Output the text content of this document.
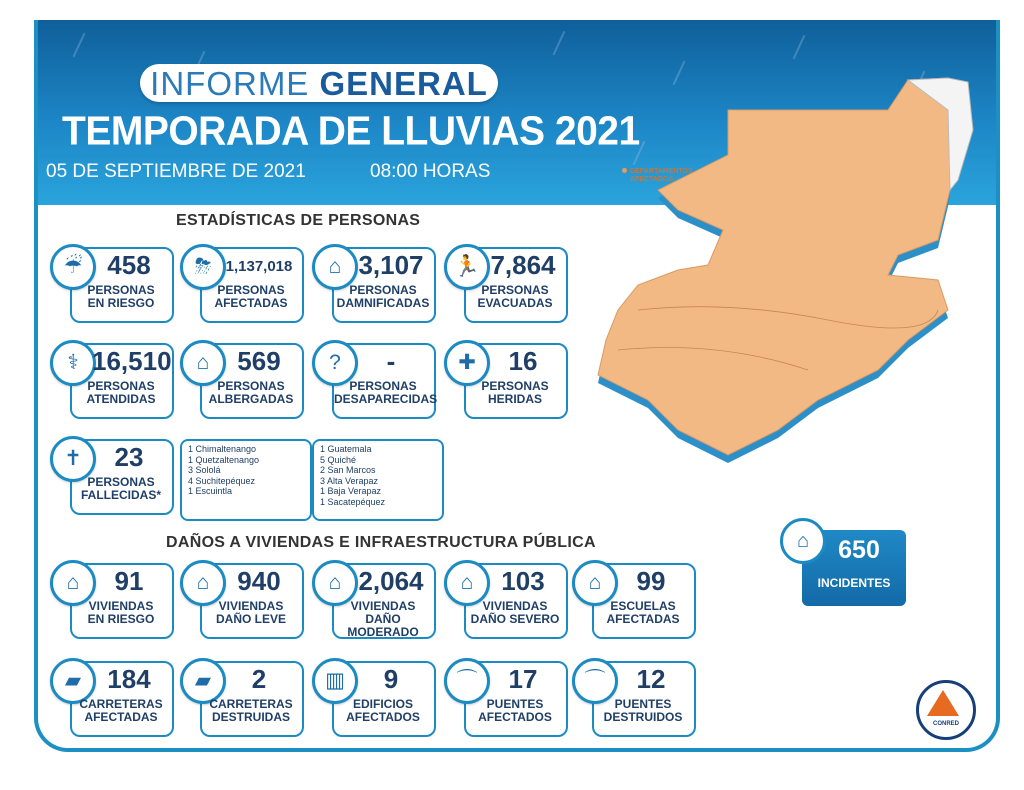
INFORME GENERAL
TEMPORADA DE LLUVIAS 2021
05 DE SEPTIEMBRE DE 2021	08:00 HORAS	DEPARTAMENTOS
AFECTADOS
ESTADÍSTICAS DE PERSONAS
☔ 458
PERSONAS
EN RIESGO
⛈ 1,137,018
PERSONAS
AFECTADAS
⌂ 3,107
PERSONAS
DAMNIFICADAS
🏃 7,864
PERSONAS
EVACUADAS
⚕ 16,510
PERSONAS
ATENDIDAS
⌂	569
PERSONAS
ALBERGADAS
?	-
PERSONAS
DESAPARECIDAS
✚	16
PERSONAS
HERIDAS
✝	23
PERSONAS
FALLECIDAS*
1 Chimaltenango
1 Quetzaltenango
3 Sololá
4 Suchitepéquez
1 Escuintla
1 Guatemala
5 Quiché
2 San Marcos
3 Alta Verapaz
1 Baja Verapaz
1 Sacatepéquez
⌂	650
INCIDENTES
DAÑOS A VIVIENDAS E INFRAESTRUCTURA PÚBLICA
⌂	91
VIVIENDAS
EN RIESGO
⌂	940
VIVIENDAS
DAÑO LEVE
⌂ 2,064
VIVIENDAS
DAÑO
MODERADO
⌂	103
VIVIENDAS
DAÑO SEVERO
⌂	99
ESCUELAS
AFECTADAS
▰	184
CARRETERAS
AFECTADAS
▰	2
CARRETERAS
DESTRUIDAS
▥	9
EDIFICIOS
AFECTADOS
⌒	17
PUENTES
AFECTADOS
⌒	12
PUENTES
DESTRUIDOS	CONRED
